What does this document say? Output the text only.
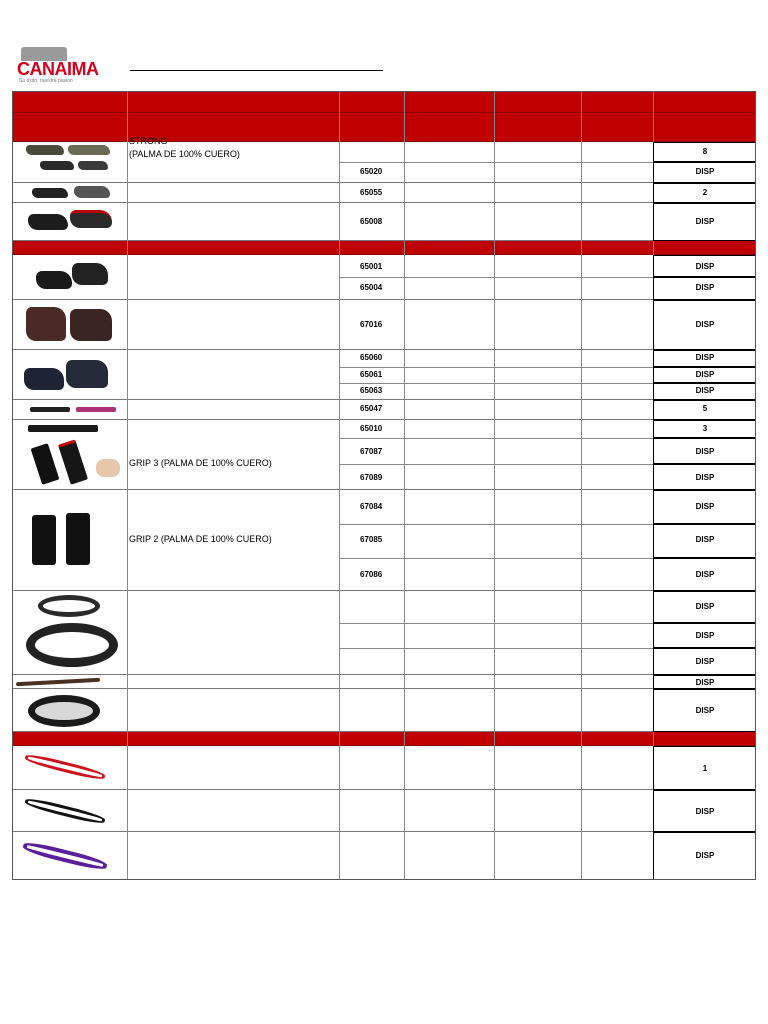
CANAIMA
Su éxito, nuestra pasión
STRONG
(PALMA DE 100% CUERO)
GRIP 3 (PALMA DE 100% CUERO)
GRIP 2 (PALMA DE 100% CUERO)
65020
65055
65008
65001
65004
67016
65060
65061
65063
65047
65010
67087
67089
67084
67085
67086
8
DISP
2
DISP
DISP
DISP
DISP
DISP
DISP
DISP
5
3
DISP
DISP
DISP
DISP
DISP
DISP
DISP
DISP
DISP
DISP
1
DISP
DISP
